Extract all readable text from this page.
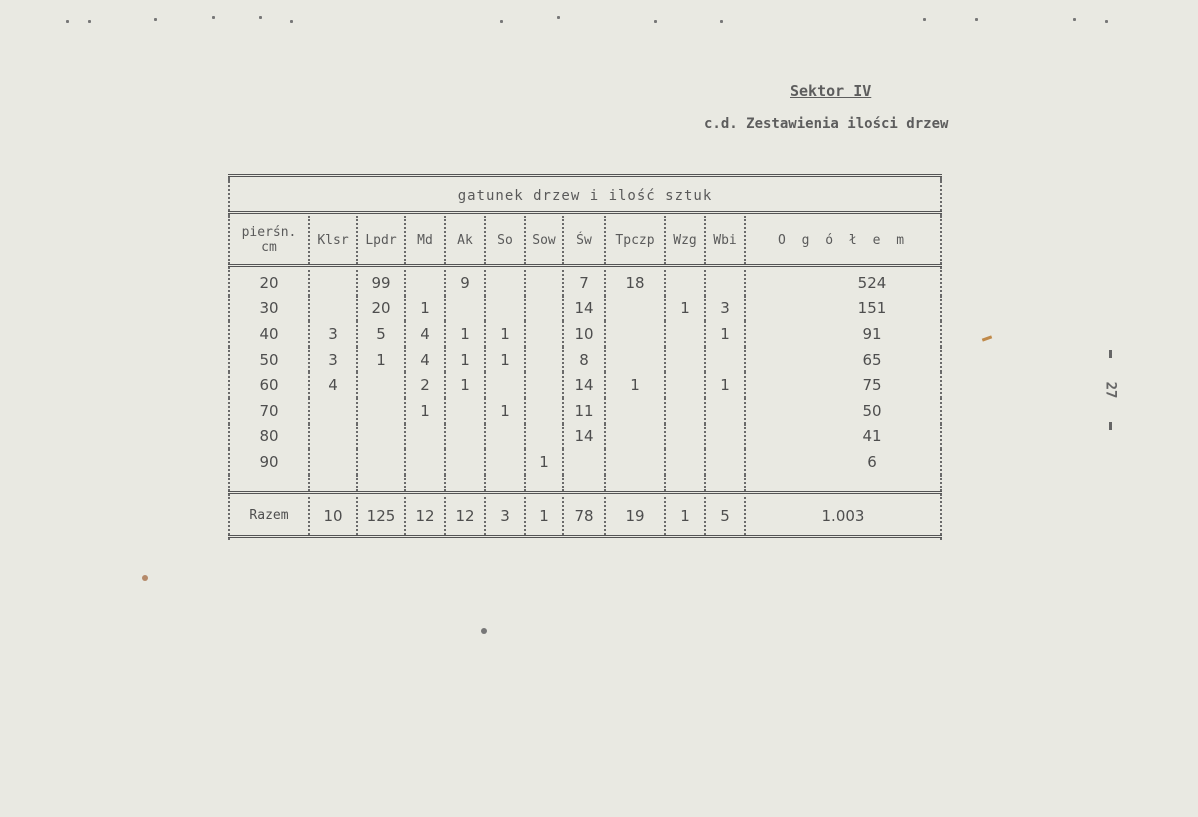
Sektor IV
c.d. Zestawienia ilości drzew
27

gatunek drzew i ilość sztuk											

pierśn. cm	Klsr	Lpdr	Md	Ak	So	Sow	Św	Tpczp	Wzg	Wbi	O g ó ł e m

20		99		9			7	18			524
30		20	1				14		1	3	151
40	3	5	4	1	1		10			1	91
50	3	1	4	1	1		8				65
60	4		2	1			14	1		1	75
70			1		1		11				50
80							14				41
90						1					6

Razem	10	125	12	12	3	1	78	19	1	5	1.003
